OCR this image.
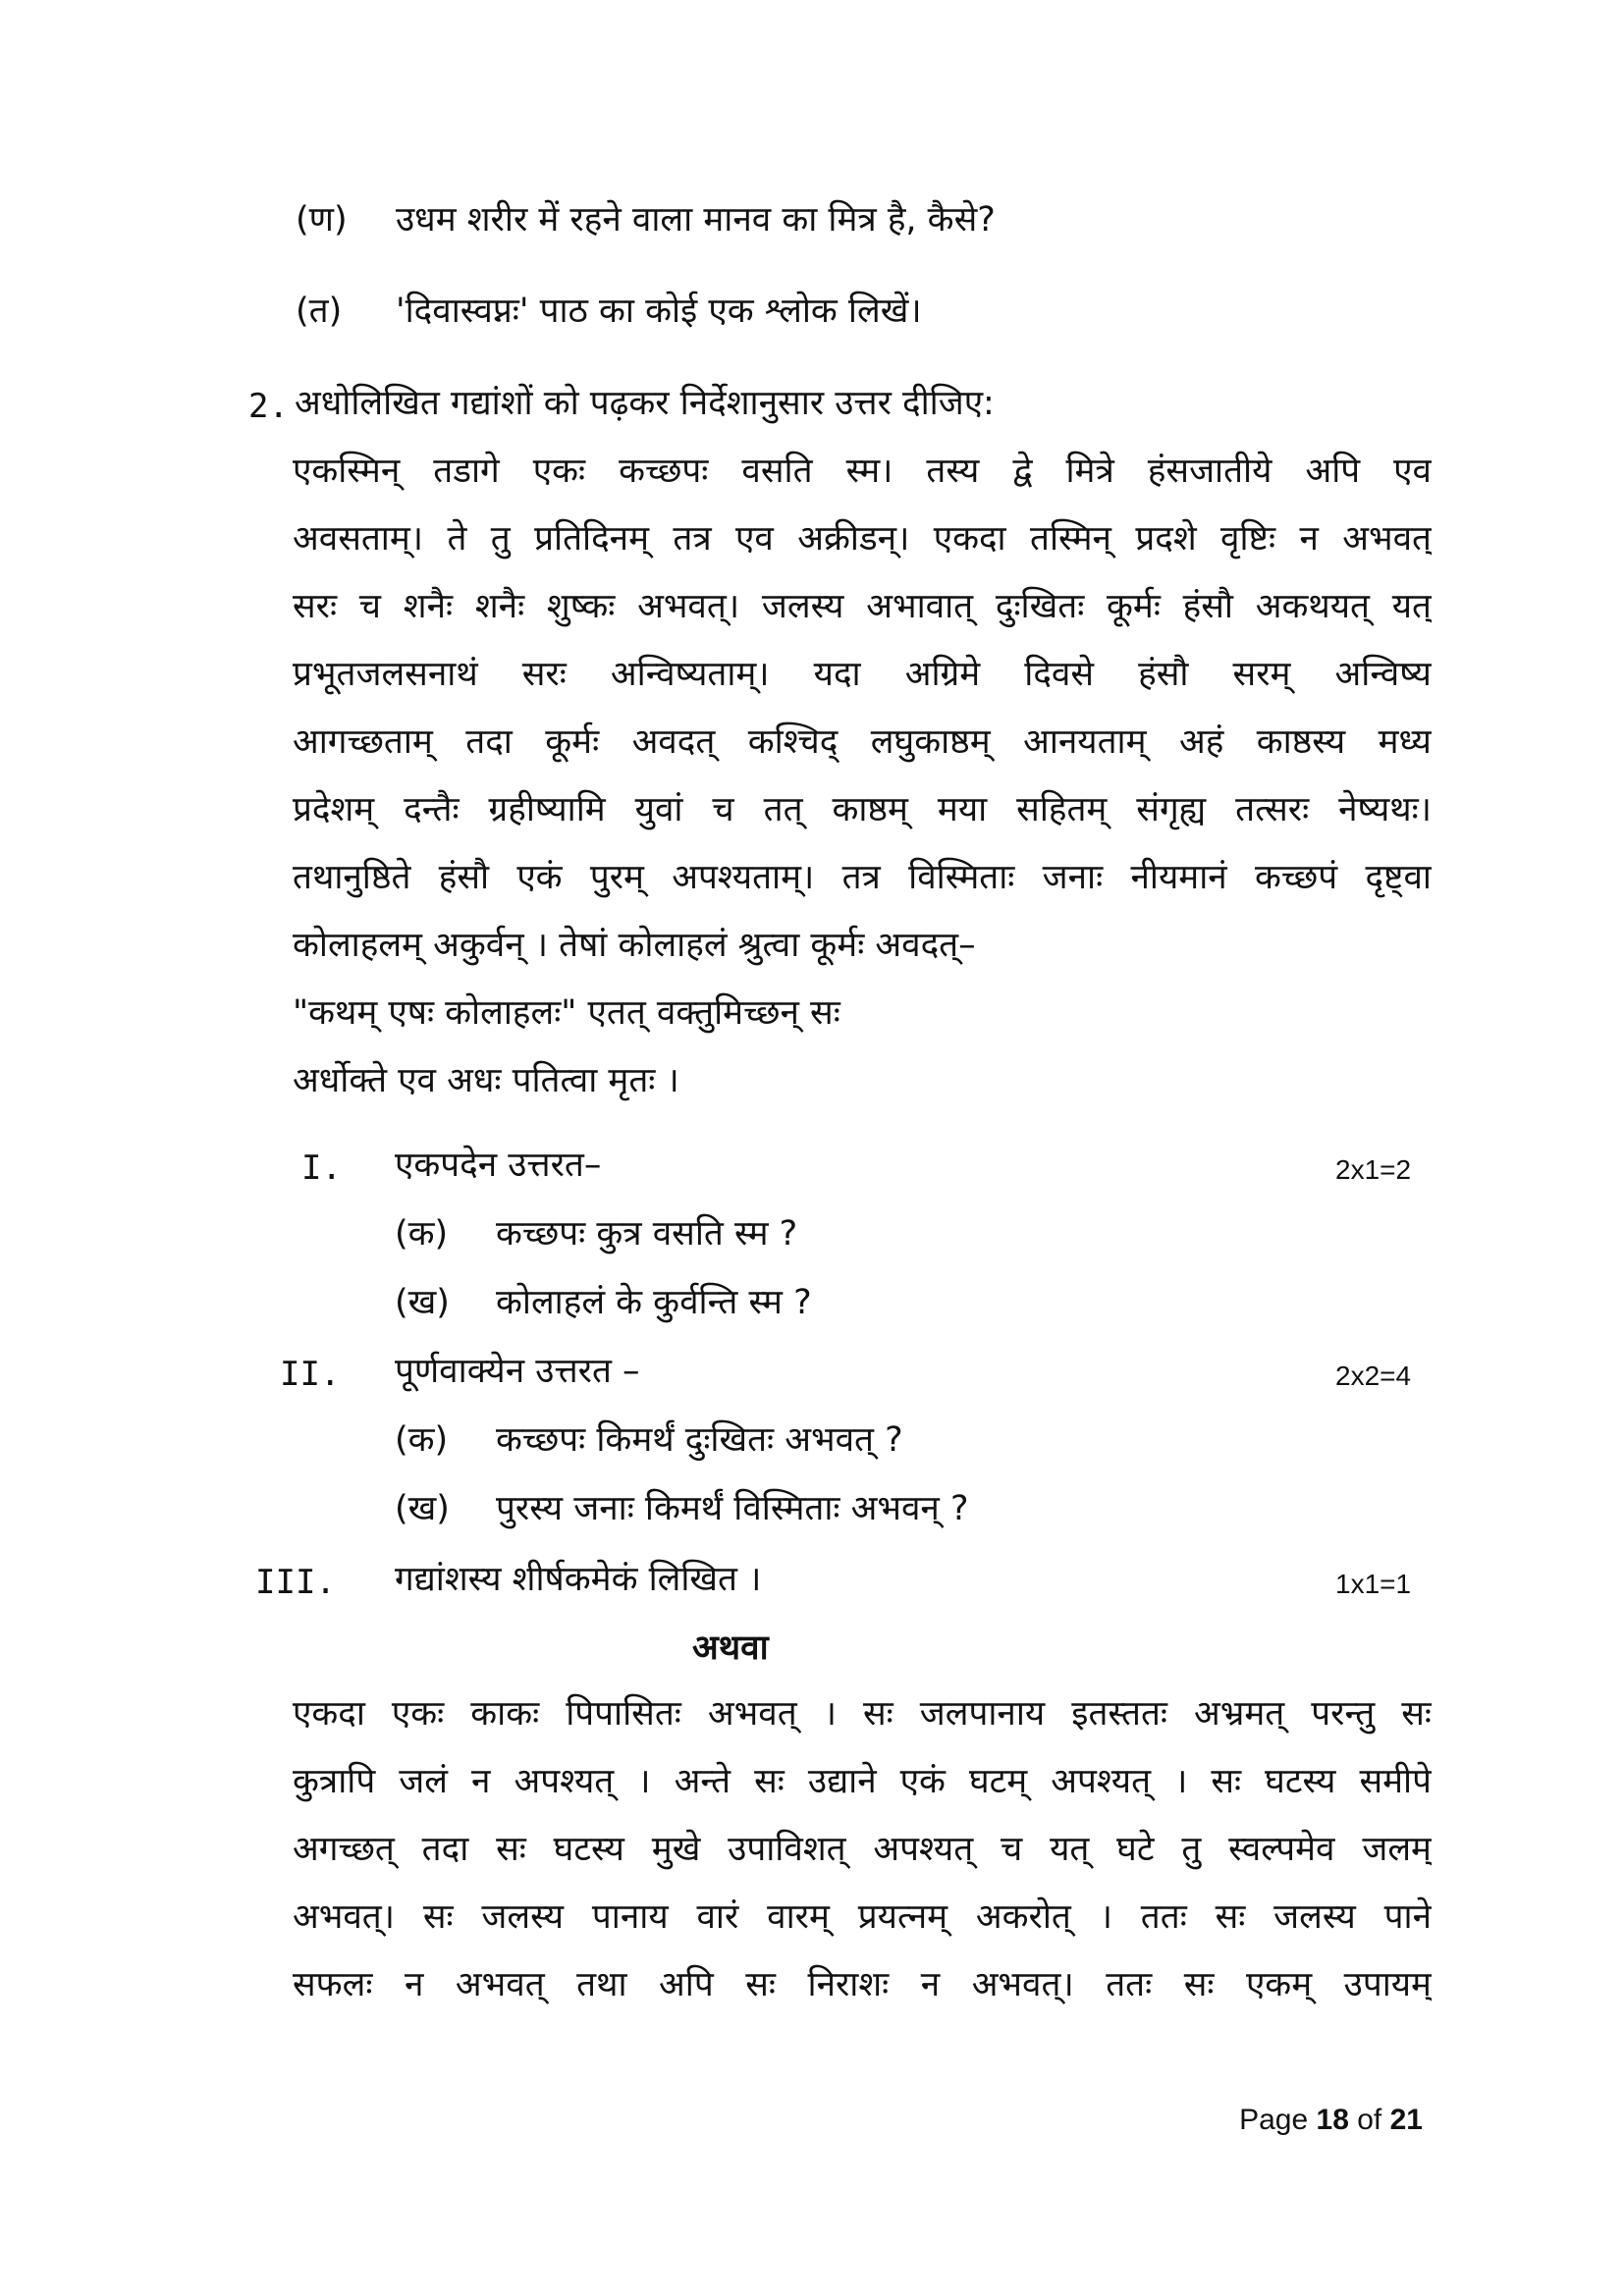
(ण) उधम शरीर में रहने वाला मानव का मित्र है, कैसे?
(त) 'दिवास्वप्नः' पाठ का कोई एक श्लोक लिखें।
2. अधोलिखित गद्यांशों को पढ़कर निर्देशानुसार उत्तर दीजिए:
एकस्मिन् तडागे एकः कच्छपः वसति स्म। तस्य द्वे मित्रे हंसजातीये अपि एव
अवसताम्। ते तु प्रतिदिनम् तत्र एव अक्रीडन्। एकदा तस्मिन् प्रदशे वृष्टिः न अभवत्
सरः च शनैः शनैः शुष्कः अभवत्। जलस्य अभावात् दुःखितः कूर्मः हंसौ अकथयत् यत्
प्रभूतजलसनाथं सरः अन्विष्यताम्। यदा अग्रिमे दिवसे हंसौ सरम् अन्विष्य
आगच्छताम् तदा कूर्मः अवदत् कश्चिद् लघुकाष्ठम् आनयताम् अहं काष्ठस्य मध्य
प्रदेशम् दन्तैः ग्रहीष्यामि युवां च तत् काष्ठम् मया सहितम् संगृह्य तत्सरः नेष्यथः।
तथानुष्ठिते हंसौ एकं पुरम् अपश्यताम्। तत्र विस्मिताः जनाः नीयमानं कच्छपं दृष्ट्वा
कोलाहलम् अकुर्वन् । तेषां कोलाहलं श्रुत्वा कूर्मः अवदत्–
"कथम् एषः कोलाहलः" एतत् वक्तुमिच्छन् सः
अर्धोक्ते एव अधः पतित्वा मृतः ।
I. एकपदेन उत्तरत–	2x1=2
(क) कच्छपः कुत्र वसति स्म ?
(ख) कोलाहलं के कुर्वन्ति स्म ?
II. पूर्णवाक्येन उत्तरत –	2x2=4
(क) कच्छपः किमर्थं दुःखितः अभवत् ?
(ख) पुरस्य जनाः किमर्थं विस्मिताः अभवन् ?
III. गद्यांशस्य शीर्षकमेकं लिखित ।	1x1=1
अथवा
एकदा एकः काकः पिपासितः अभवत् । सः जलपानाय इतस्ततः अभ्रमत् परन्तु सः
कुत्रापि जलं न अपश्यत् । अन्ते सः उद्याने एकं घटम् अपश्यत् । सः घटस्य समीपे
अगच्छत् तदा सः घटस्य मुखे उपाविशत् अपश्यत् च यत् घटे तु स्वल्पमेव जलम्
अभवत्। सः जलस्य पानाय वारं वारम् प्रयत्नम् अकरोत् । ततः सः जलस्य पाने
सफलः न अभवत् तथा अपि सः निराशः न अभवत्। ततः सः एकम् उपायम्
Page 18 of 21
